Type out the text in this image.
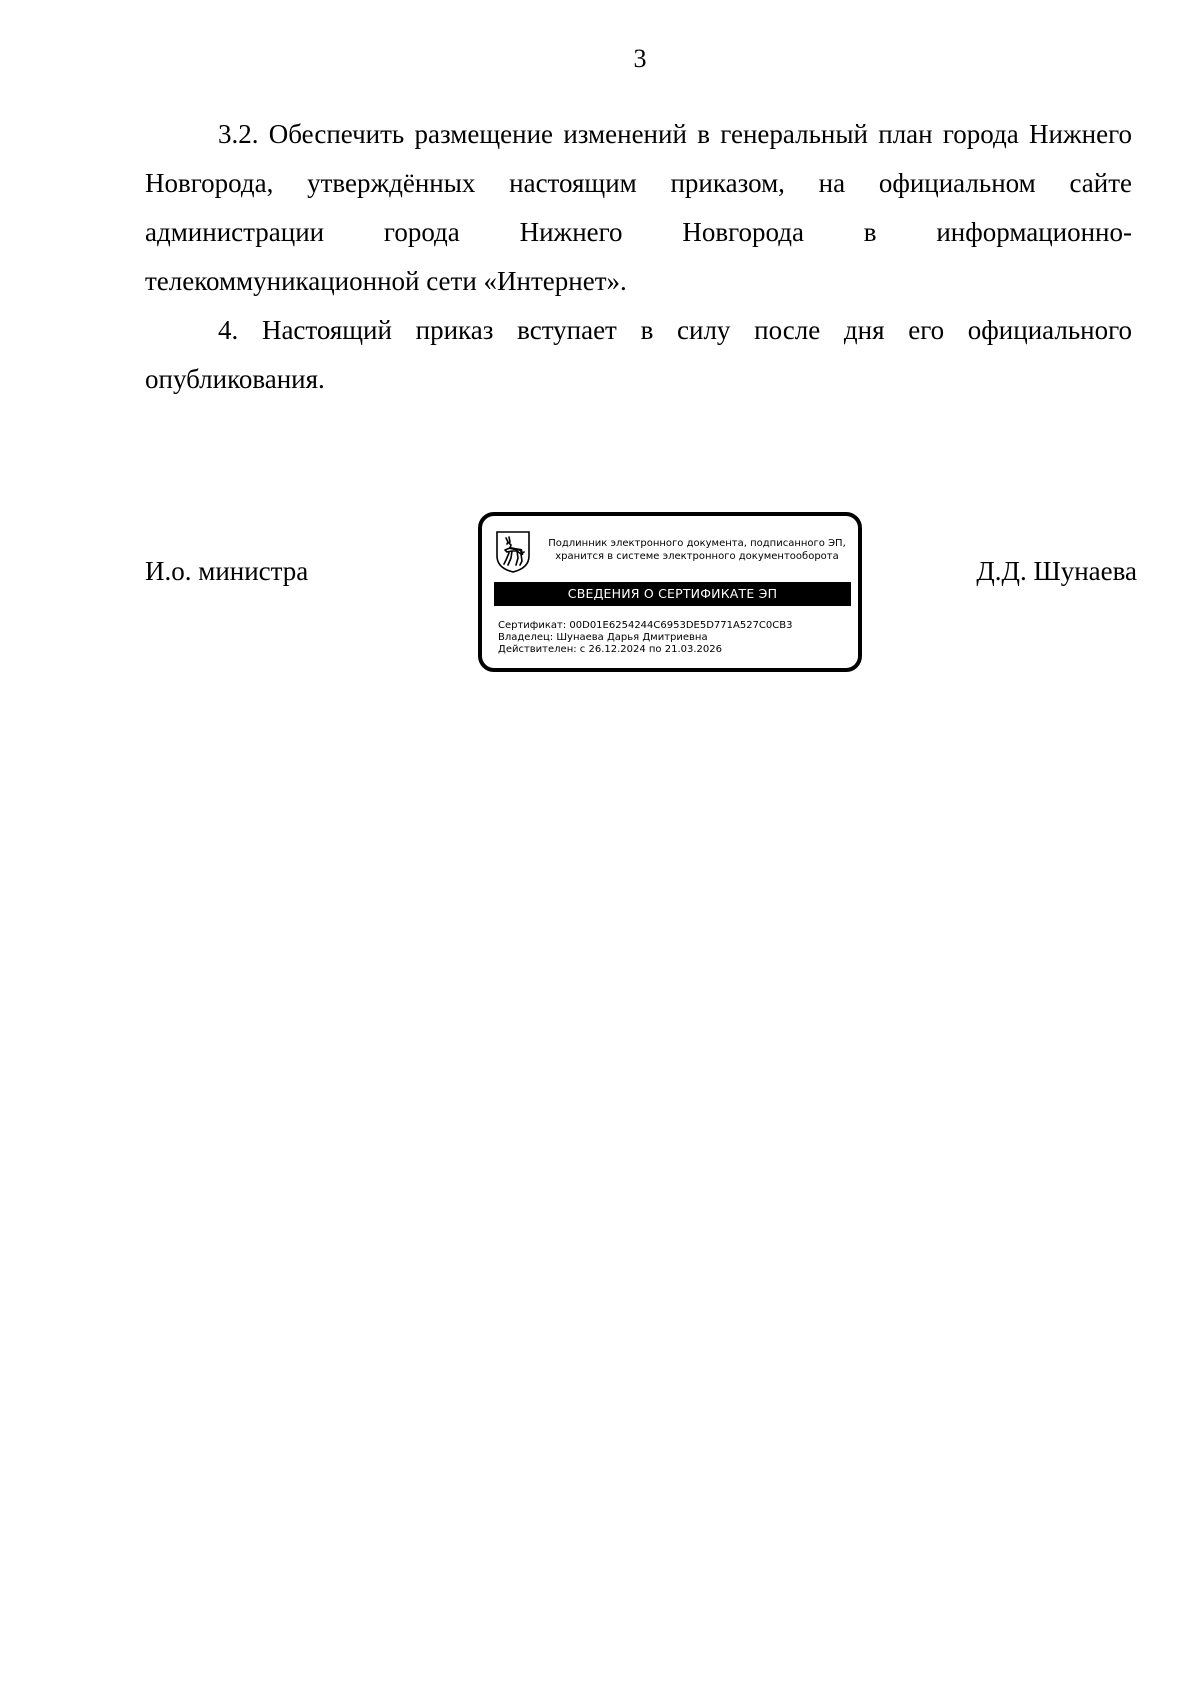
3

3.2. Обеспечить размещение изменений в генеральный план города Нижнего Новгорода, утверждённых настоящим приказом, на официальном сайте администрации города Нижнего Новгорода в информационно-телекоммуникационной сети «Интернет».

4. Настоящий приказ вступает в силу после дня его официального опубликования.

И.о. министра
Подлинник электронного документа, подписанного ЭП,
хранится в системе электронного документооборота
СВЕДЕНИЯ О СЕРТИФИКАТЕ ЭП
Сертификат: 00D01E6254244C6953DE5D771A527C0CB3
Владелец: Шунаева Дарья Дмитриевна
Действителен: с 26.12.2024 по 21.03.2026
Д.Д. Шунаева
